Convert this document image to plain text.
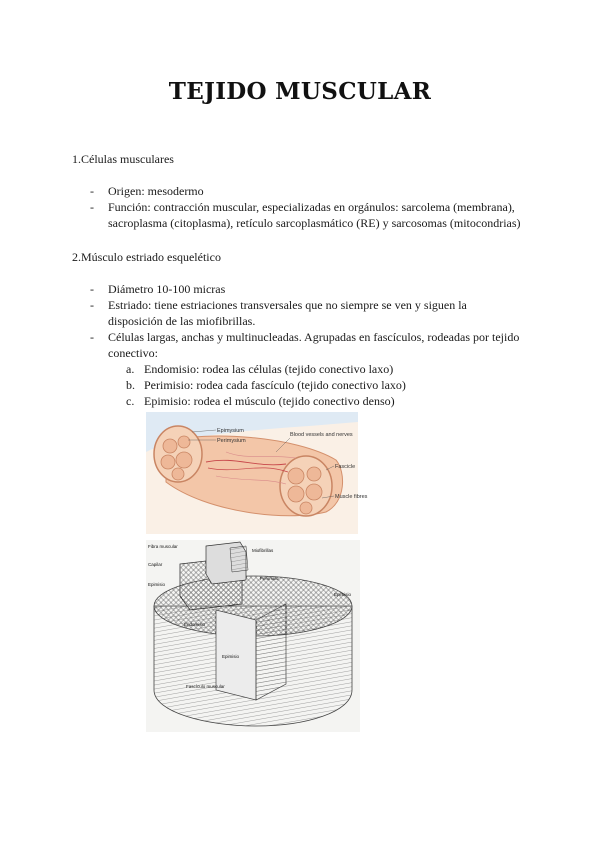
TEJIDO MUSCULAR
1.Células musculares
- Origen: mesodermo
- Función: contracción muscular, especializadas en orgánulos: sarcolema (membrana),
sacroplasma (citoplasma), retículo sarcoplasmático (RE) y sarcosomas (mitocondrias)
2.Músculo estriado esquelético
- Diámetro 10-100 micras
- Estriado: tiene estriaciones transversales que no siempre se ven y siguen la
disposición de las miofibrillas.
- Células largas, anchas y multinucleadas. Agrupadas en fascículos, rodeadas por tejido
conectivo:
a. Endomisio: rodea las células (tejido conectivo laxo)
b. Perimisio: rodea cada fascículo (tejido conectivo laxo)
c. Epimisio: rodea el músculo (tejido conectivo denso)
Epimysium
Perimysium
Blood vessels and nerves
Fascicle
Muscle fibres
Fibra muscular
Miofibrillas
Capilar
Epimisio
Endomisio
Perimisio
Epimisio
Epimisio
Fascículo muscular
